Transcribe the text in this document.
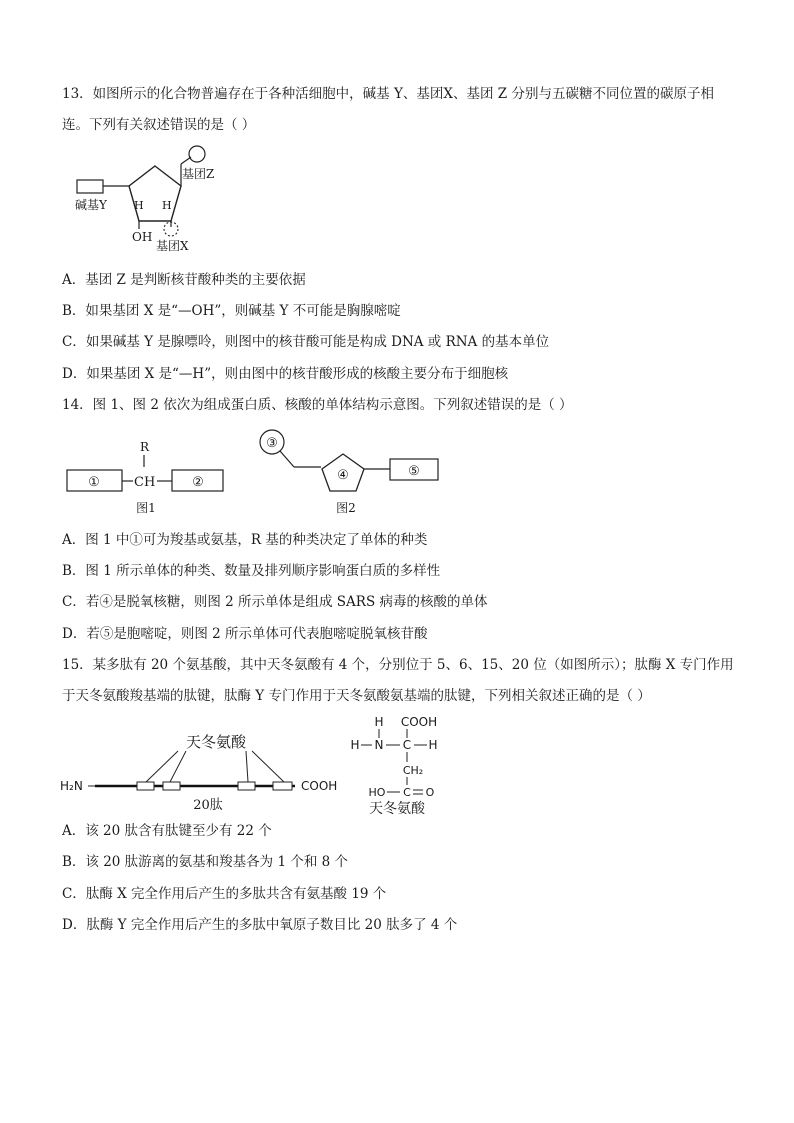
13．如图所示的化合物普遍存在于各种活细胞中，碱基 Y、基团X、基团 Z 分别与五碳糖不同位置的碳原子相
连。下列有关叙述错误的是（ ）
基团Z
碱基Y H H
OH
基团X
A．基团 Z 是判断核苷酸种类的主要依据
B．如果基团 X 是“—OH”，则碱基 Y 不可能是胸腺嘧啶
C．如果碱基 Y 是腺嘌呤，则图中的核苷酸可能是构成 DNA 或 RNA 的基本单位
D．如果基团 X 是“—H”，则由图中的核苷酸形成的核酸主要分布于细胞核
14．图 1、图 2 依次为组成蛋白质、核酸的单体结构示意图。下列叙述错误的是（ ）
①
R
CH	②
图1
③
④	⑤
图2
A．图 1 中①可为羧基或氨基，R 基的种类决定了单体的种类
B．图 1 所示单体的种类、数量及排列顺序影响蛋白质的多样性
C．若④是脱氧核糖，则图 2 所示单体是组成 SARS 病毒的核酸的单体
D．若⑤是胞嘧啶，则图 2 所示单体可代表胞嘧啶脱氧核苷酸
15．某多肽有 20 个氨基酸，其中天冬氨酸有 4 个，分别位于 5、6、15、20 位（如图所示）；肽酶 X 专门作用
于天冬氨酸羧基端的肽键，肽酶 Y 专门作用于天冬氨酸氨基端的肽键，下列相关叙述正确的是（ ）
天冬氨酸
H₂N	COOH
20肽
H COOH
H N C H
CH₂
HO C O
天冬氨酸
A．该 20 肽含有肽键至少有 22 个
B．该 20 肽游离的氨基和羧基各为 1 个和 8 个
C．肽酶 X 完全作用后产生的多肽共含有氨基酸 19 个
D．肽酶 Y 完全作用后产生的多肽中氧原子数目比 20 肽多了 4 个
